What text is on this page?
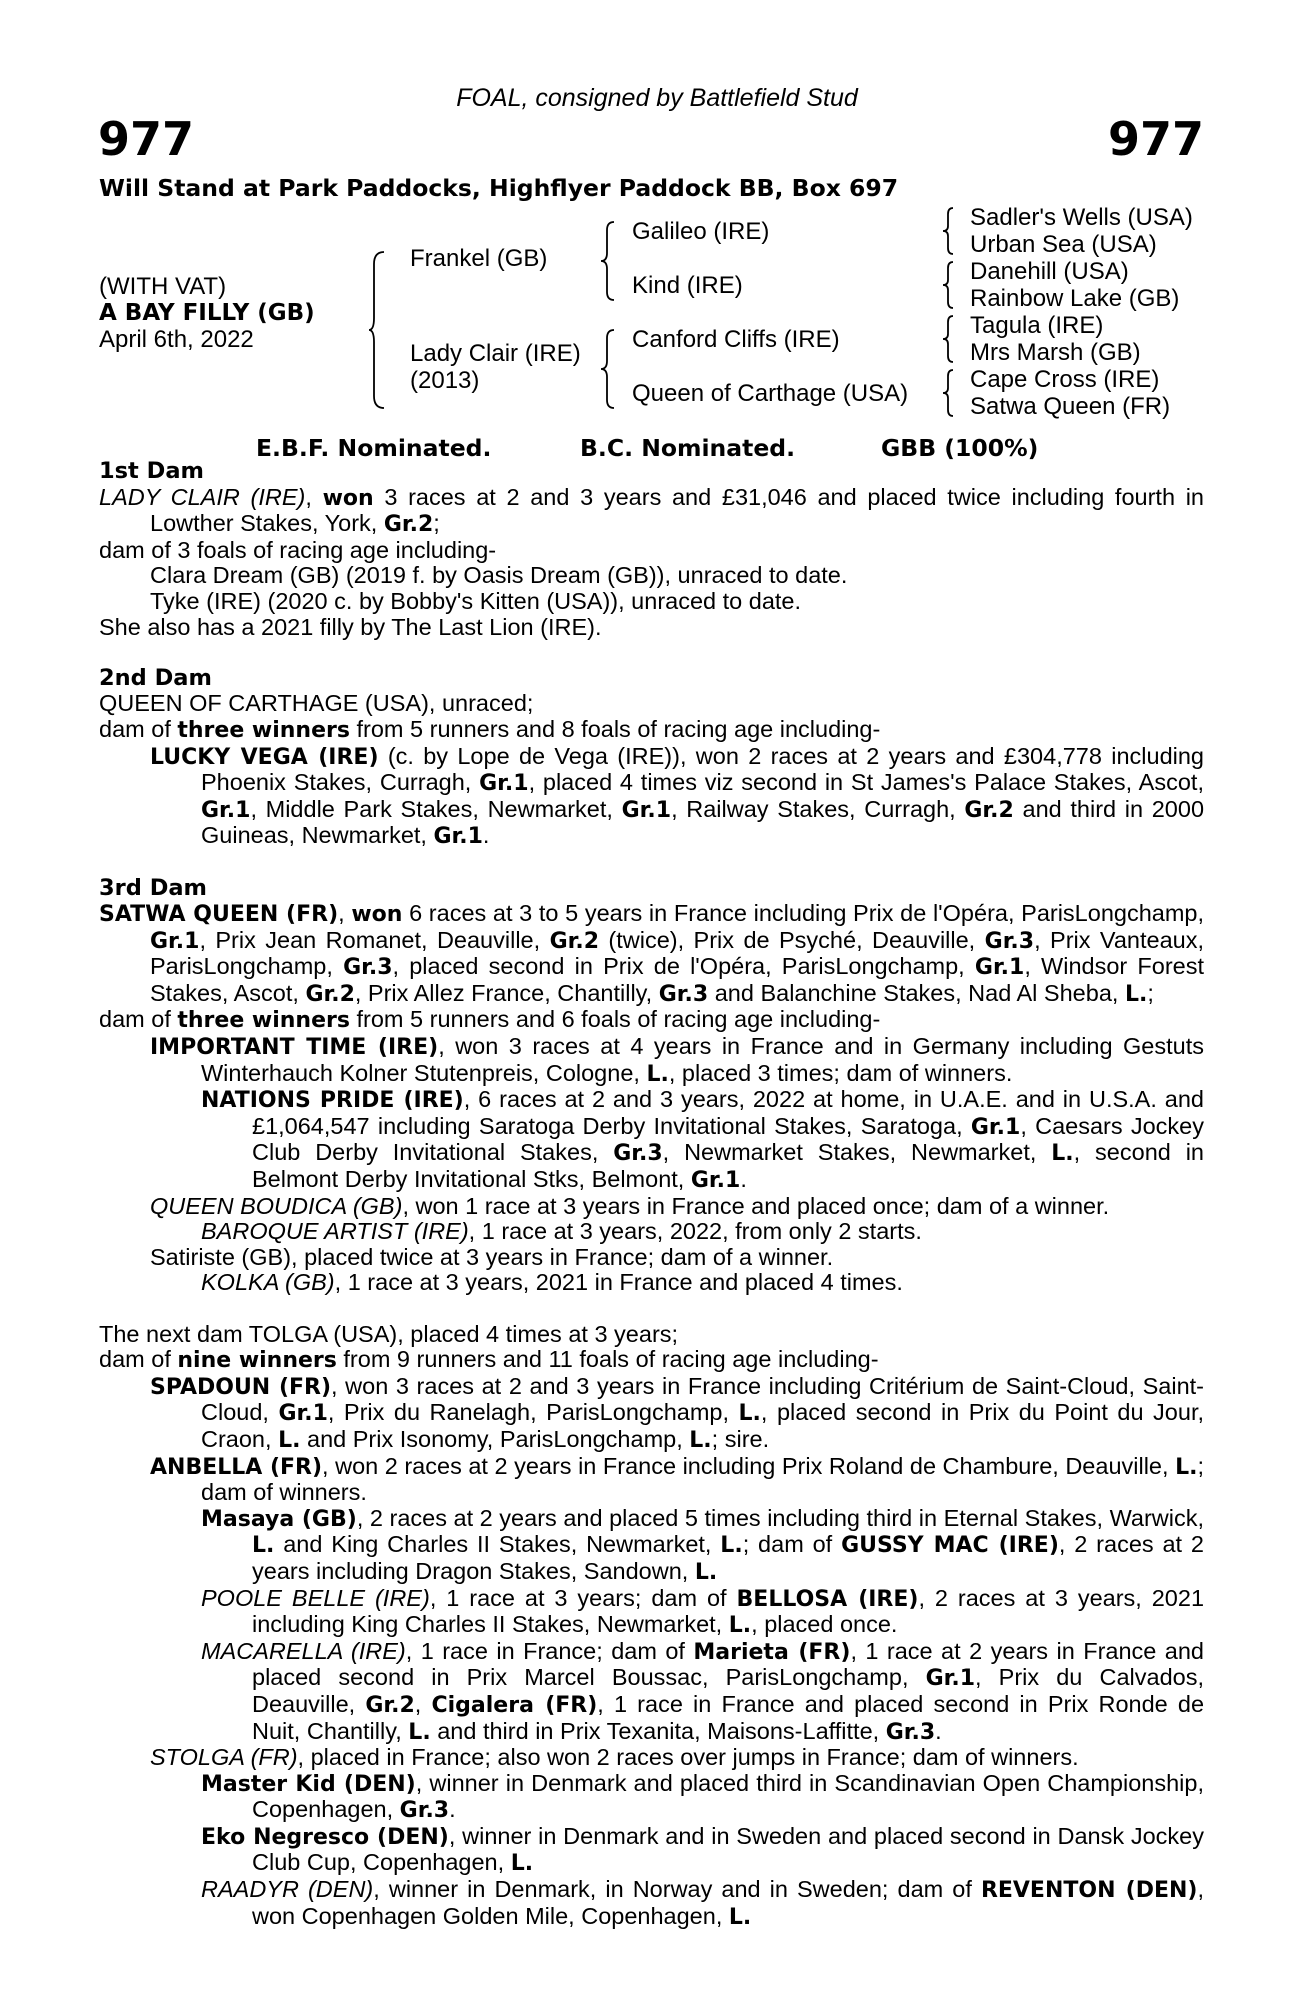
FOAL, consigned by Battlefield Stud
977	977
Will Stand at Park Paddocks, Highflyer Paddock BB, Box 697
(WITH VAT)
A BAY FILLY (GB)
April 6th, 2022
Frankel (GB)
Lady Clair (IRE)
(2013)
Galileo (IRE)
Kind (IRE)
Canford Cliffs (IRE)
Queen of Carthage (USA)
Sadler's Wells (USA)
Urban Sea (USA)
Danehill (USA)
Rainbow Lake (GB)
Tagula (IRE)
Mrs Marsh (GB)
Cape Cross (IRE)
Satwa Queen (FR)
E.B.F. Nominated.	B.C. Nominated.	GBB (100%)
1st Dam
LADY CLAIR (IRE), won 3 races at 2 and 3 years and £31,046 and placed twice including fourth in Lowther Stakes, York, Gr.2;
dam of 3 foals of racing age including-
Clara Dream (GB) (2019 f. by Oasis Dream (GB)), unraced to date.
Tyke (IRE) (2020 c. by Bobby's Kitten (USA)), unraced to date.
She also has a 2021 filly by The Last Lion (IRE).
2nd Dam
QUEEN OF CARTHAGE (USA), unraced;
dam of three winners from 5 runners and 8 foals of racing age including-
LUCKY VEGA (IRE) (c. by Lope de Vega (IRE)), won 2 races at 2 years and £304,778 including Phoenix Stakes, Curragh, Gr.1, placed 4 times viz second in St James's Palace Stakes, Ascot, Gr.1, Middle Park Stakes, Newmarket, Gr.1, Railway Stakes, Curragh, Gr.2 and third in 2000 Guineas, Newmarket, Gr.1.
3rd Dam
SATWA QUEEN (FR), won 6 races at 3 to 5 years in France including Prix de l'Opéra, ParisLongchamp, Gr.1, Prix Jean Romanet, Deauville, Gr.2 (twice), Prix de Psyché, Deauville, Gr.3, Prix Vanteaux, ParisLongchamp, Gr.3, placed second in Prix de l'Opéra, ParisLongchamp, Gr.1, Windsor Forest Stakes, Ascot, Gr.2, Prix Allez France, Chantilly, Gr.3 and Balanchine Stakes, Nad Al Sheba, L.;
dam of three winners from 5 runners and 6 foals of racing age including-
IMPORTANT TIME (IRE), won 3 races at 4 years in France and in Germany including Gestuts Winterhauch Kolner Stutenpreis, Cologne, L., placed 3 times; dam of winners.
NATIONS PRIDE (IRE), 6 races at 2 and 3 years, 2022 at home, in U.A.E. and in U.S.A. and £1,064,547 including Saratoga Derby Invitational Stakes, Saratoga, Gr.1, Caesars Jockey Club Derby Invitational Stakes, Gr.3, Newmarket Stakes, Newmarket, L., second in Belmont Derby Invitational Stks, Belmont, Gr.1.
QUEEN BOUDICA (GB), won 1 race at 3 years in France and placed once; dam of a winner.
BAROQUE ARTIST (IRE), 1 race at 3 years, 2022, from only 2 starts.
Satiriste (GB), placed twice at 3 years in France; dam of a winner.
KOLKA (GB), 1 race at 3 years, 2021 in France and placed 4 times.
The next dam TOLGA (USA), placed 4 times at 3 years;
dam of nine winners from 9 runners and 11 foals of racing age including-
SPADOUN (FR), won 3 races at 2 and 3 years in France including Critérium de Saint-Cloud, Saint-Cloud, Gr.1, Prix du Ranelagh, ParisLongchamp, L., placed second in Prix du Point du Jour, Craon, L. and Prix Isonomy, ParisLongchamp, L.; sire.
ANBELLA (FR), won 2 races at 2 years in France including Prix Roland de Chambure, Deauville, L.; dam of winners.
Masaya (GB), 2 races at 2 years and placed 5 times including third in Eternal Stakes, Warwick, L. and King Charles II Stakes, Newmarket, L.; dam of GUSSY MAC (IRE), 2 races at 2 years including Dragon Stakes, Sandown, L.
POOLE BELLE (IRE), 1 race at 3 years; dam of BELLOSA (IRE), 2 races at 3 years, 2021 including King Charles II Stakes, Newmarket, L., placed once.
MACARELLA (IRE), 1 race in France; dam of Marieta (FR), 1 race at 2 years in France and placed second in Prix Marcel Boussac, ParisLongchamp, Gr.1, Prix du Calvados, Deauville, Gr.2, Cigalera (FR), 1 race in France and placed second in Prix Ronde de Nuit, Chantilly, L. and third in Prix Texanita, Maisons-Laffitte, Gr.3.
STOLGA (FR), placed in France; also won 2 races over jumps in France; dam of winners.
Master Kid (DEN), winner in Denmark and placed third in Scandinavian Open Championship, Copenhagen, Gr.3.
Eko Negresco (DEN), winner in Denmark and in Sweden and placed second in Dansk Jockey Club Cup, Copenhagen, L.
RAADYR (DEN), winner in Denmark, in Norway and in Sweden; dam of REVENTON (DEN), won Copenhagen Golden Mile, Copenhagen, L.
